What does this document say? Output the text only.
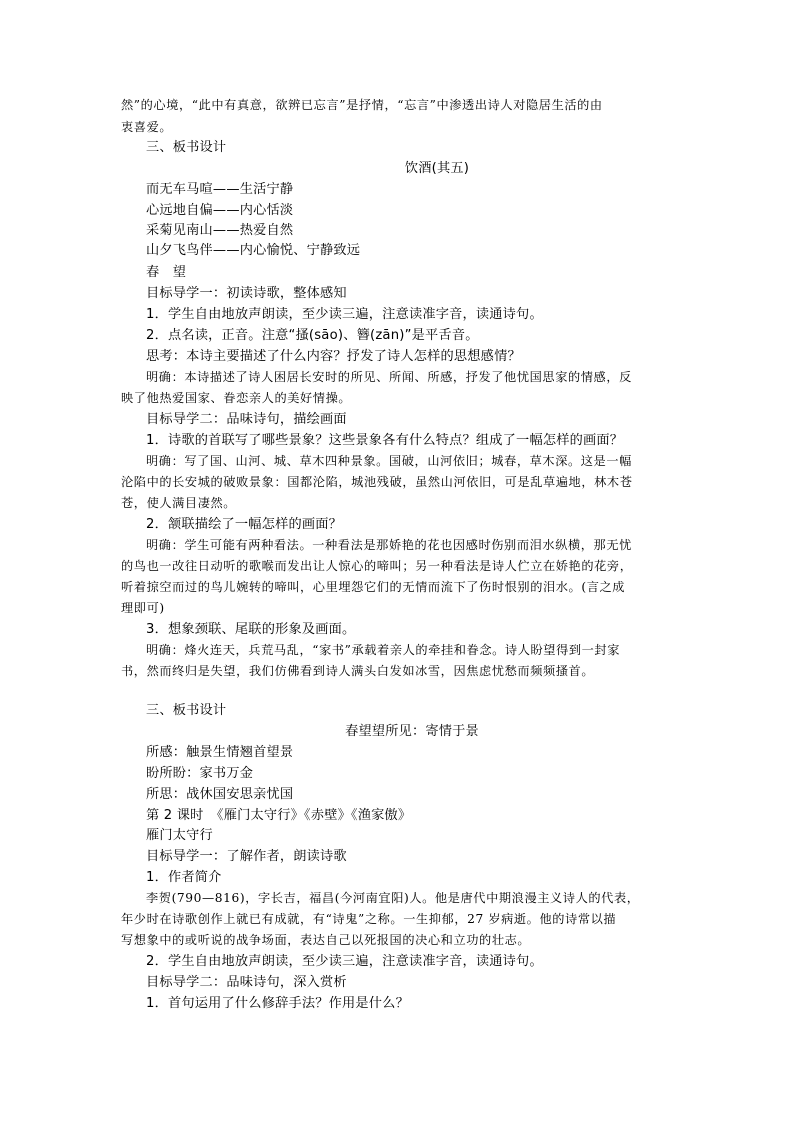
然”的心境，“此中有真意，欲辨已忘言”是抒情，“忘言”中渗透出诗人对隐居生活的由
衷喜爱。
三、板书设计
饮酒(其五)
而无车马喧——生活宁静
心远地自偏——内心恬淡
采菊见南山——热爱自然
山夕飞鸟伴——内心愉悦、宁静致远
春　望
目标导学一：初读诗歌，整体感知
1．学生自由地放声朗读，至少读三遍，注意读准字音，读通诗句。
2．点名读，正音。注意“搔(sāo)、簪(zān)”是平舌音。
思考：本诗主要描述了什么内容？抒发了诗人怎样的思想感情？
明确：本诗描述了诗人困居长安时的所见、所闻、所感，抒发了他忧国思家的情感，反
映了他热爱国家、眷恋亲人的美好情操。
目标导学二：品味诗句，描绘画面
1．诗歌的首联写了哪些景象？这些景象各有什么特点？组成了一幅怎样的画面？
明确：写了国、山河、城、草木四种景象。国破，山河依旧；城春，草木深。这是一幅
沦陷中的长安城的破败景象：国都沦陷，城池残破，虽然山河依旧，可是乱草遍地，林木苍
苍，使人满目凄然。
2．颔联描绘了一幅怎样的画面？
明确：学生可能有两种看法。一种看法是那娇艳的花也因感时伤别而泪水纵横，那无忧
的鸟也一改往日动听的歌喉而发出让人惊心的啼叫；另一种看法是诗人伫立在娇艳的花旁，
听着掠空而过的鸟儿婉转的啼叫，心里埋怨它们的无情而流下了伤时恨别的泪水。(言之成
理即可)
3．想象颈联、尾联的形象及画面。
明确：烽火连天，兵荒马乱，“家书”承载着亲人的牵挂和眷念。诗人盼望得到一封家
书，然而终归是失望，我们仿佛看到诗人满头白发如冰雪，因焦虑忧愁而频频搔首。
三、板书设计
春望望所见：寄情于景
所感：触景生情翘首望景
盼所盼：家书万金
所思：战休国安思亲忧国
第 2 课时　《雁门太守行》《赤壁》《渔家傲》
雁门太守行
目标导学一：了解作者，朗读诗歌
1．作者简介
李贺(790—816)，字长吉，福昌(今河南宜阳)人。他是唐代中期浪漫主义诗人的代表，
年少时在诗歌创作上就已有成就，有“诗鬼”之称。一生抑郁，27 岁病逝。他的诗常以描
写想象中的或听说的战争场面，表达自己以死报国的决心和立功的壮志。
2．学生自由地放声朗读，至少读三遍，注意读准字音，读通诗句。
目标导学二：品味诗句，深入赏析
1．首句运用了什么修辞手法？作用是什么？
